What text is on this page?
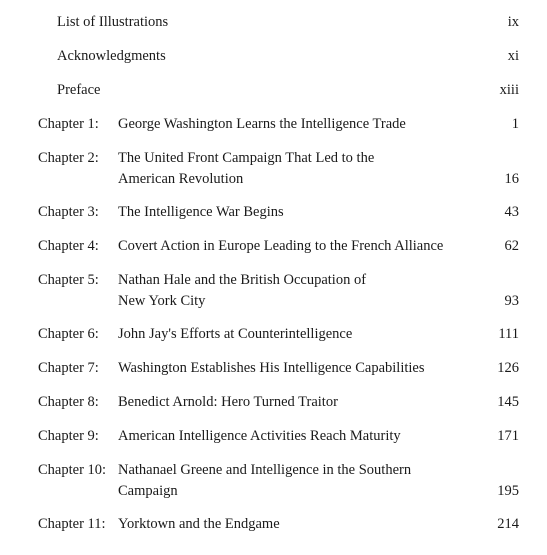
List of Illustrations	ix
Acknowledgments	xi
Preface	xiii
Chapter 1: George Washington Learns the Intelligence Trade	1
Chapter 2: The United Front Campaign That Led to the
American Revolution	16
Chapter 3: The Intelligence War Begins	43
Chapter 4: Covert Action in Europe Leading to the French Alliance	62
Chapter 5: Nathan Hale and the British Occupation of
New York City	93
Chapter 6: John Jay's Efforts at Counterintelligence	111
Chapter 7: Washington Establishes His Intelligence Capabilities	126
Chapter 8: Benedict Arnold: Hero Turned Traitor	145
Chapter 9: American Intelligence Activities Reach Maturity	171
Chapter 10: Nathanael Greene and Intelligence in the Southern
Campaign	195
Chapter 11: Yorktown and the Endgame	214
